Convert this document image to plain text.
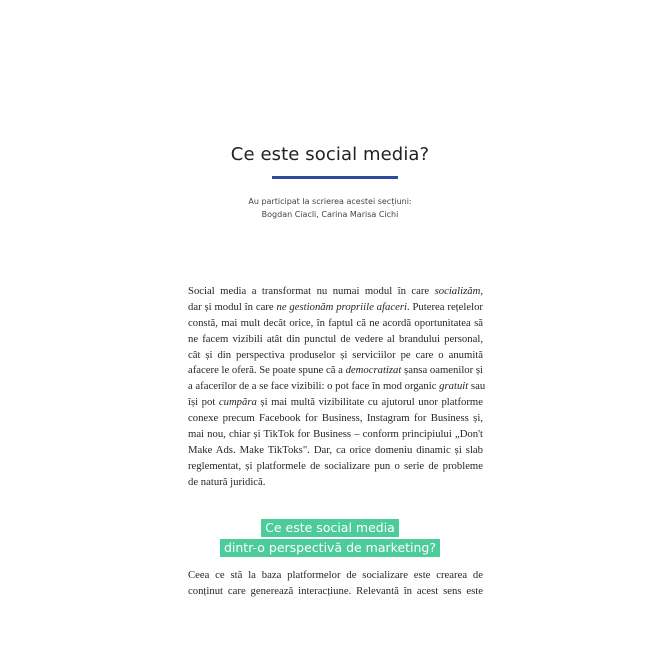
Ce este social media?
Au participat la scrierea acestei secțiuni:
Bogdan Ciacli, Carina Marisa Cichi
Social media a transformat nu numai modul în care socializăm,
dar și modul în care ne gestionăm propriile afaceri. Puterea rețelelor
constă, mai mult decât orice, în faptul că ne acordă oportunitatea să
ne facem vizibili atât din punctul de vedere al brandului personal,
cât și din perspectiva produselor și serviciilor pe care o anumită
afacere le oferă. Se poate spune că a democratizat șansa oamenilor și
a afacerilor de a se face vizibili: o pot face în mod organic gratuit sau
își pot cumpăra și mai multă vizibilitate cu ajutorul unor platforme
conexe precum Facebook for Business, Instagram for Business și,
mai nou, chiar și TikTok for Business – conform principiului „Don't
Make Ads. Make TikToks". Dar, ca orice domeniu dinamic și slab
reglementat, și platformele de socializare pun o serie de probleme
de natură juridică.
Ce este social media
dintr-o perspectivă de marketing?
Ceea ce stă la baza platformelor de socializare este crearea de
conținut care generează interacțiune. Relevantă în acest sens este
